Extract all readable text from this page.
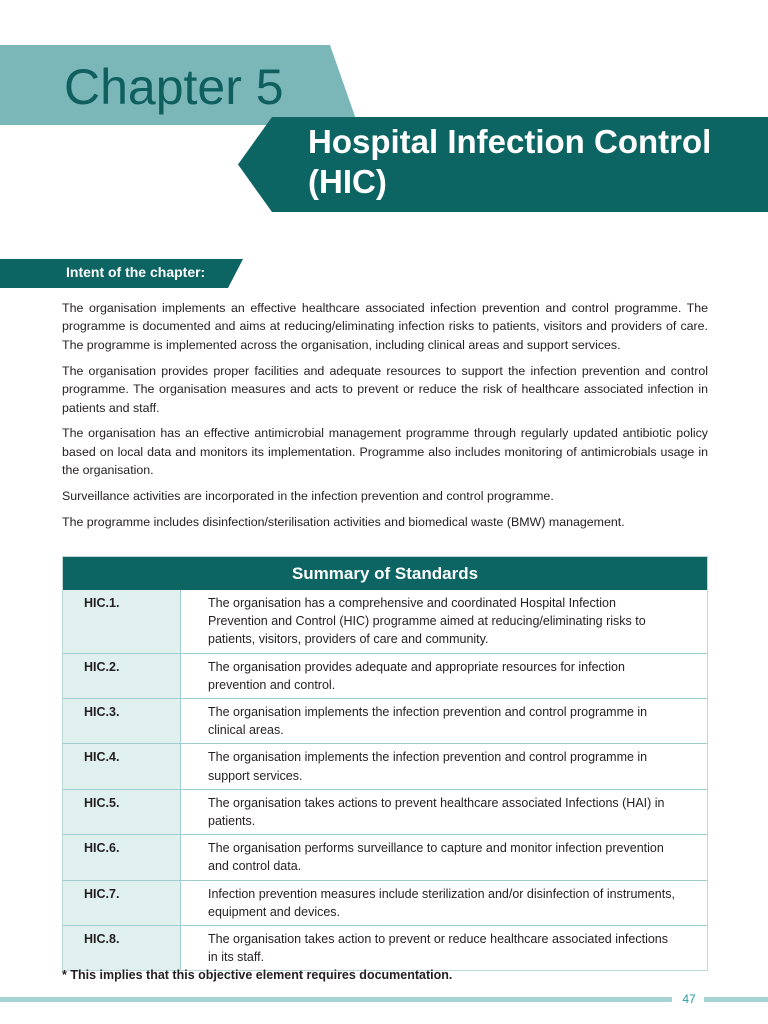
Chapter 5
Hospital Infection Control (HIC)
Intent of the chapter:

The organisation implements an effective healthcare associated infection prevention and control programme. The programme is documented and aims at reducing/eliminating infection risks to patients, visitors and providers of care. The programme is implemented across the organisation, including clinical areas and support services.

The organisation provides proper facilities and adequate resources to support the infection prevention and control programme. The organisation measures and acts to prevent or reduce the risk of healthcare associated infection in patients and staff.

The organisation has an effective antimicrobial management programme through regularly updated antibiotic policy based on local data and monitors its implementation. Programme also includes monitoring of antimicrobials usage in the organisation.

Surveillance activities are incorporated in the infection prevention and control programme.

The programme includes disinfection/sterilisation activities and biomedical waste (BMW) management.

Summary of Standards
HIC.1.	The organisation has a comprehensive and coordinated Hospital Infection Prevention and Control (HIC) programme aimed at reducing/eliminating risks to patients, visitors, providers of care and community.
HIC.2.	The organisation provides adequate and appropriate resources for infection prevention and control.
HIC.3.	The organisation implements the infection prevention and control programme in clinical areas.
HIC.4.	The organisation implements the infection prevention and control programme in support services.
HIC.5.	The organisation takes actions to prevent healthcare associated Infections (HAI) in patients.
HIC.6.	The organisation performs surveillance to capture and monitor infection prevention and control data.
HIC.7.	Infection prevention measures include sterilization and/or disinfection of instruments, equipment and devices.
HIC.8.	The organisation takes action to prevent or reduce healthcare associated infections in its staff.
* This implies that this objective element requires documentation.
47
